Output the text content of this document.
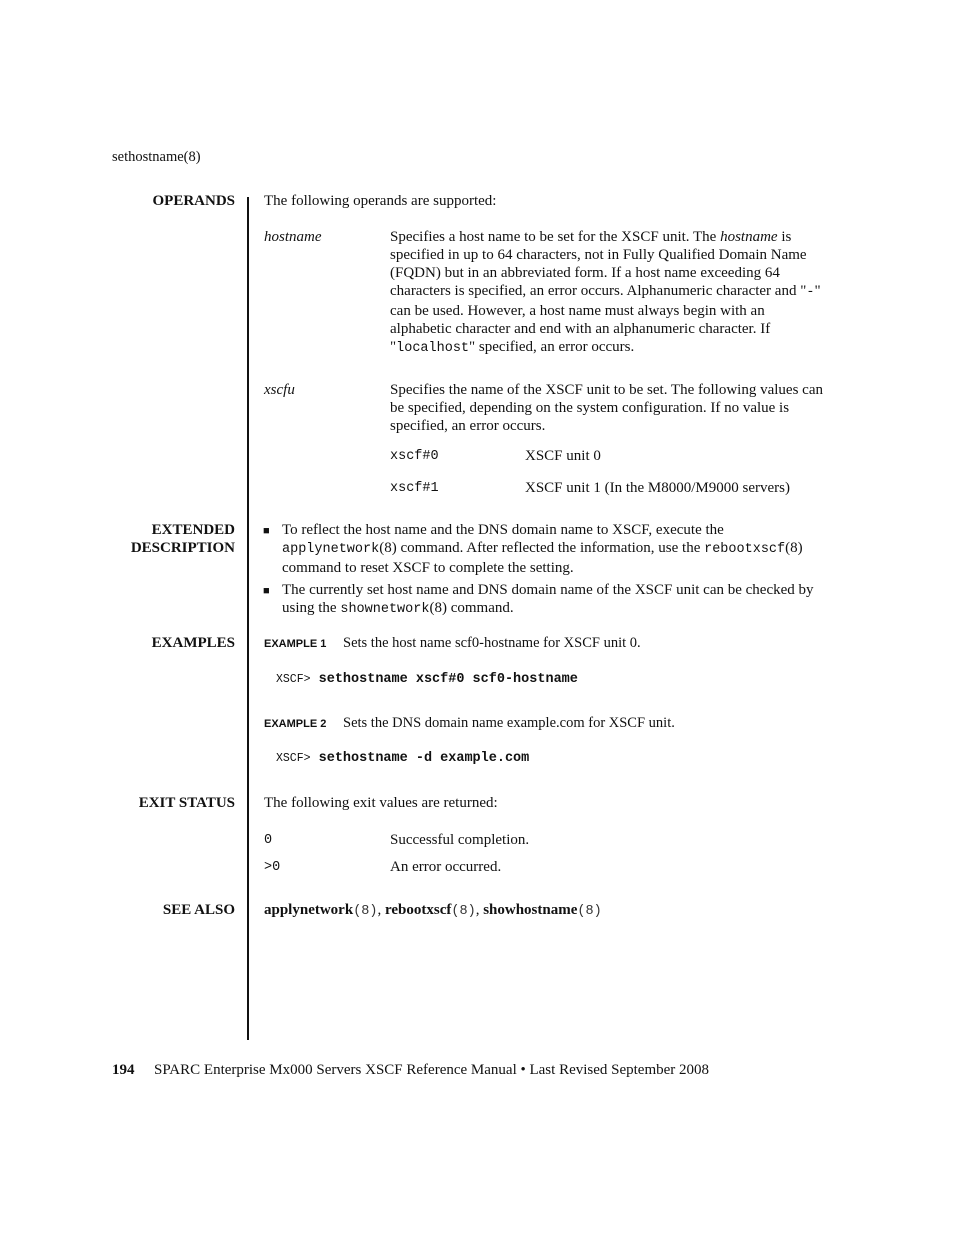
sethostname(8)
OPERANDS The following operands are supported:
hostname	Specifies a host name to be set for the XSCF unit. The hostname is specified in up to 64 characters, not in Fully Qualified Domain Name (FQDN) but in an abbreviated form. If a host name exceeding 64 characters is specified, an error occurs. Alphanumeric character and "-" can be used. However, a host name must always begin with an alphabetic character and end with an alphanumeric character. If "localhost" specified, an error occurs.
xscfu	Specifies the name of the XSCF unit to be set. The following values can be specified, depending on the system configuration. If no value is specified, an error occurs.
xscf#0	XSCF unit 0
xscf#1	XSCF unit 1 (In the M8000/M9000 servers)
EXTENDED
DESCRIPTION
■ To reflect the host name and the DNS domain name to XSCF, execute the applynetwork(8) command. After reflected the information, use the rebootxscf(8) command to reset XSCF to complete the setting.
■ The currently set host name and DNS domain name of the XSCF unit can be checked by using the shownetwork(8) command.
EXAMPLES	EXAMPLE 1 Sets the host name scf0-hostname for XSCF unit 0.
XSCF> sethostname xscf#0 scf0-hostname
EXAMPLE 2 Sets the DNS domain name example.com for XSCF unit.
XSCF> sethostname -d example.com
EXIT STATUS The following exit values are returned:
0	Successful completion.
>0	An error occurred.
SEE ALSO applynetwork(8), rebootxscf(8), showhostname(8)
194 SPARC Enterprise Mx000 Servers XSCF Reference Manual • Last Revised September 2008
